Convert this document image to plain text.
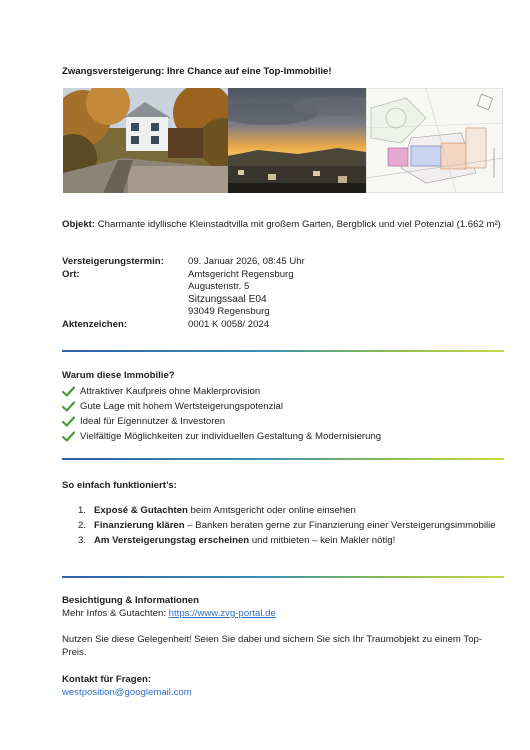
Zwangsversteigerung: Ihre Chance auf eine Top-Immobilie!
Objekt: Charmante idyllische Kleinstadtvilla mit großem Garten, Bergblick und viel Potenzial (1.662 m²)
Versteigerungstermin:	09. Januar 2026, 08:45 Uhr
Ort:	Amtsgericht Regensburg
Augustenstr. 5
Sitzungssaal E04
93049 Regensburg
Aktenzeichen:	0001 K 0058/ 2024
Warum diese Immobilie?
Attraktiver Kaufpreis ohne Maklerprovision
Gute Lage mit hohem Wertsteigerungspotenzial
Ideal für Eigennutzer & Investoren
Vielfältige Möglichkeiten zur individuellen Gestaltung & Modernisierung
So einfach funktioniert’s:
1. Exposé & Gutachten beim Amtsgericht oder online einsehen
2. Finanzierung klären – Banken beraten gerne zur Finanzierung einer Versteigerungsimmobilie
3. Am Versteigerungstag erscheinen und mitbieten – kein Makler nötig!
Besichtigung & Informationen
Mehr Infos & Gutachten: https://www.zvg-portal.de
Nutzen Sie diese Gelegenheit! Seien Sie dabei und sichern Sie sich Ihr Traumobjekt zu einem Top-Preis.
Kontakt für Fragen:
westposition@googlemail.com
